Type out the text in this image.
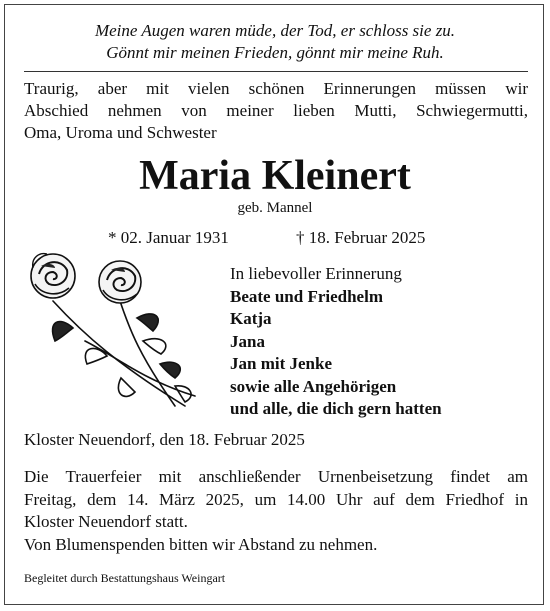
Meine Augen waren müde, der Tod, er schloss sie zu.
Gönnt mir meinen Frieden, gönnt mir meine Ruh.
Traurig, aber mit vielen schönen Erinnerungen müssen wir
Abschied nehmen von meiner lieben Mutti, Schwiegermutti,
Oma, Uroma und Schwester
Maria Kleinert
geb. Mannel
* 02. Januar 1931	† 18. Februar 2025
In liebevoller Erinnerung
Beate und Friedhelm
Katja
Jana
Jan mit Jenke
sowie alle Angehörigen
und alle, die dich gern hatten
Kloster Neuendorf, den 18. Februar 2025
Die Trauerfeier mit anschließender Urnenbeisetzung findet am
Freitag, dem 14. März 2025, um 14.00 Uhr auf dem Friedhof in
Kloster Neuendorf statt.
Von Blumenspenden bitten wir Abstand zu nehmen.
Begleitet durch Bestattungshaus Weingart
